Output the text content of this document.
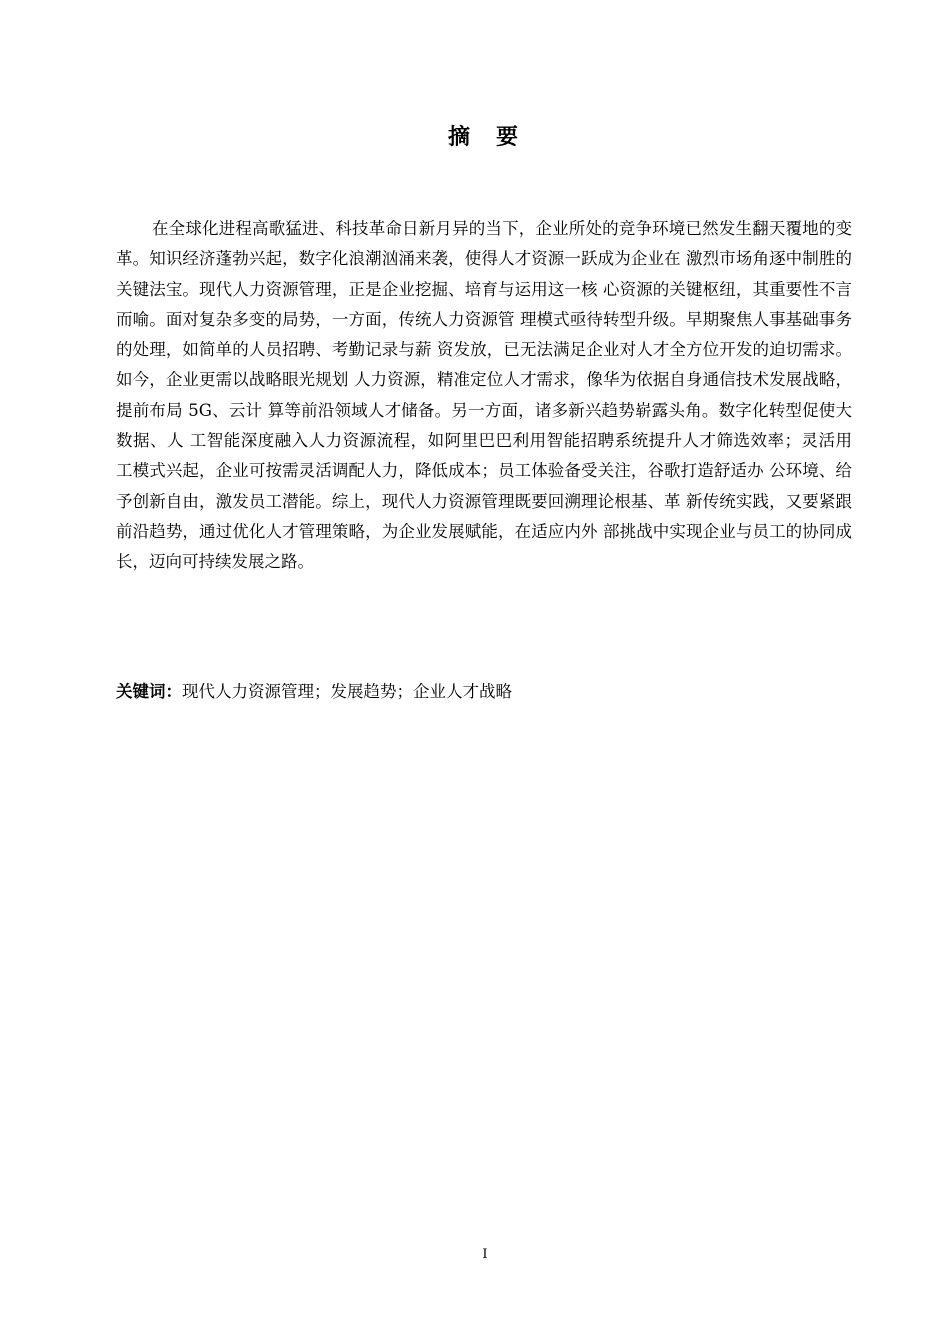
摘 要

在全球化进程高歌猛进、科技革命日新月异的当下，企业所处的竞争环境已然发生翻天覆地的变革。知识经济蓬勃兴起，数字化浪潮汹涌来袭，使得人才资源一跃成为企业在 激烈市场角逐中制胜的关键法宝。现代人力资源管理，正是企业挖掘、培育与运用这一核 心资源的关键枢纽，其重要性不言而喻。面对复杂多变的局势，一方面，传统人力资源管 理模式亟待转型升级。早期聚焦人事基础事务的处理，如简单的人员招聘、考勤记录与薪 资发放，已无法满足企业对人才全方位开发的迫切需求。如今，企业更需以战略眼光规划 人力资源，精准定位人才需求，像华为依据自身通信技术发展战略，提前布局 5G、云计 算等前沿领域人才储备。另一方面，诸多新兴趋势崭露头角。数字化转型促使大数据、人 工智能深度融入人力资源流程，如阿里巴巴利用智能招聘系统提升人才筛选效率；灵活用 工模式兴起，企业可按需灵活调配人力，降低成本；员工体验备受关注，谷歌打造舒适办 公环境、给予创新自由，激发员工潜能。综上，现代人力资源管理既要回溯理论根基、革 新传统实践，又要紧跟前沿趋势，通过优化人才管理策略，为企业发展赋能，在适应内外 部挑战中实现企业与员工的协同成长，迈向可持续发展之路。

关键词：现代人力资源管理；发展趋势；企业人才战略

I
